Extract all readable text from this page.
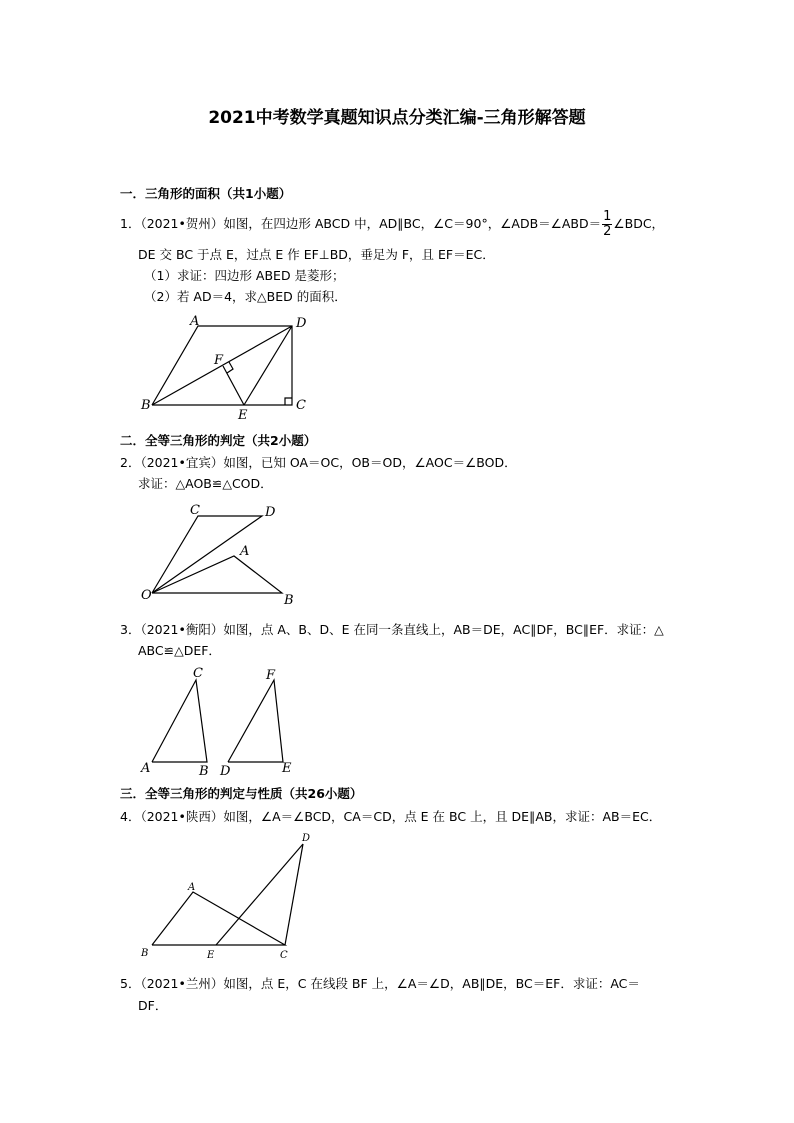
2021中考数学真题知识点分类汇编-三角形解答题
一．三角形的面积（共1小题）
1．（2021•贺州）如图，在四边形 ABCD 中，AD∥BC，∠C＝90°，∠ADB＝∠ABD＝ $\frac{1}{2}$ ∠BDC，
DE 交 BC 于点 E，过点 E 作 EF⊥BD，垂足为 F，且 EF＝EC．
（1）求证：四边形 ABED 是菱形；
（2）若 AD＝4，求△BED 的面积．
A	D
F
B
E
C
二．全等三角形的判定（共2小题）
2．（2021•宜宾）如图，已知 OA＝OC，OB＝OD，∠AOC＝∠BOD．
求证：△AOB≌△COD．
C	D
A
O	B
3．（2021•衡阳）如图，点 A、B、D、E 在同一条直线上，AB＝DE，AC∥DF，BC∥EF．求证：△
ABC≌△DEF．
C	F
A	B D	E
三．全等三角形的判定与性质（共26小题）
4．（2021•陕西）如图，∠A＝∠BCD，CA＝CD，点 E 在 BC 上，且 DE∥AB，求证：AB＝EC．
D
A
B	E	C
5．（2021•兰州）如图，点 E，C 在线段 BF 上，∠A＝∠D，AB∥DE，BC＝EF．求证：AC＝
DF．
